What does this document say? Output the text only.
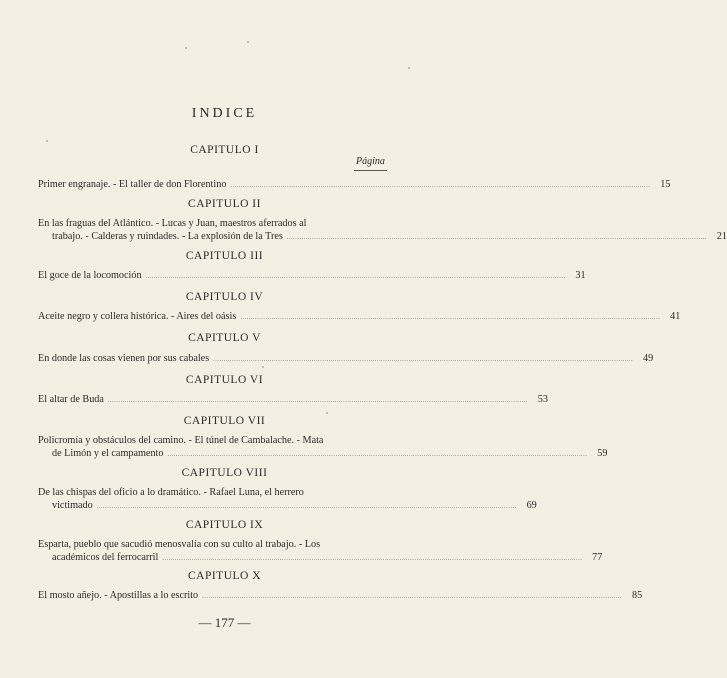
INDICE
Página
CAPITULO I
Primer engranaje. - El taller de don Florentino ........................................................................................................................................................................................................ 15
CAPITULO II
En las fraguas del Atlántico. - Lucas y Juan, maestros aferrados al
trabajo. - Calderas y ruindades. - La explosión de la Tres ........................................................................................................................................................................................................ 21
CAPITULO III
El goce de la locomoción ........................................................................................................................................................................................................ 31
CAPITULO IV
Aceite negro y collera histórica. - Aires del oásis ........................................................................................................................................................................................................ 41
CAPITULO V
En donde las cosas vienen por sus cabales ........................................................................................................................................................................................................ 49
CAPITULO VI
El altar de Buda ........................................................................................................................................................................................................ 53
CAPITULO VII
Policromía y obstáculos del camino. - El túnel de Cambalache. - Mata
de Limón y el campamento ........................................................................................................................................................................................................ 59
CAPITULO VIII
De las chispas del oficio a lo dramático. - Rafael Luna, el herrero
victimado ........................................................................................................................................................................................................ 69
CAPITULO IX
Esparta, pueblo que sacudió menosvalía con su culto al trabajo. - Los
académicos del ferrocarril ........................................................................................................................................................................................................ 77
CAPITULO X
El mosto añejo. - Apostillas a lo escrito ........................................................................................................................................................................................................ 85
— 177 —
